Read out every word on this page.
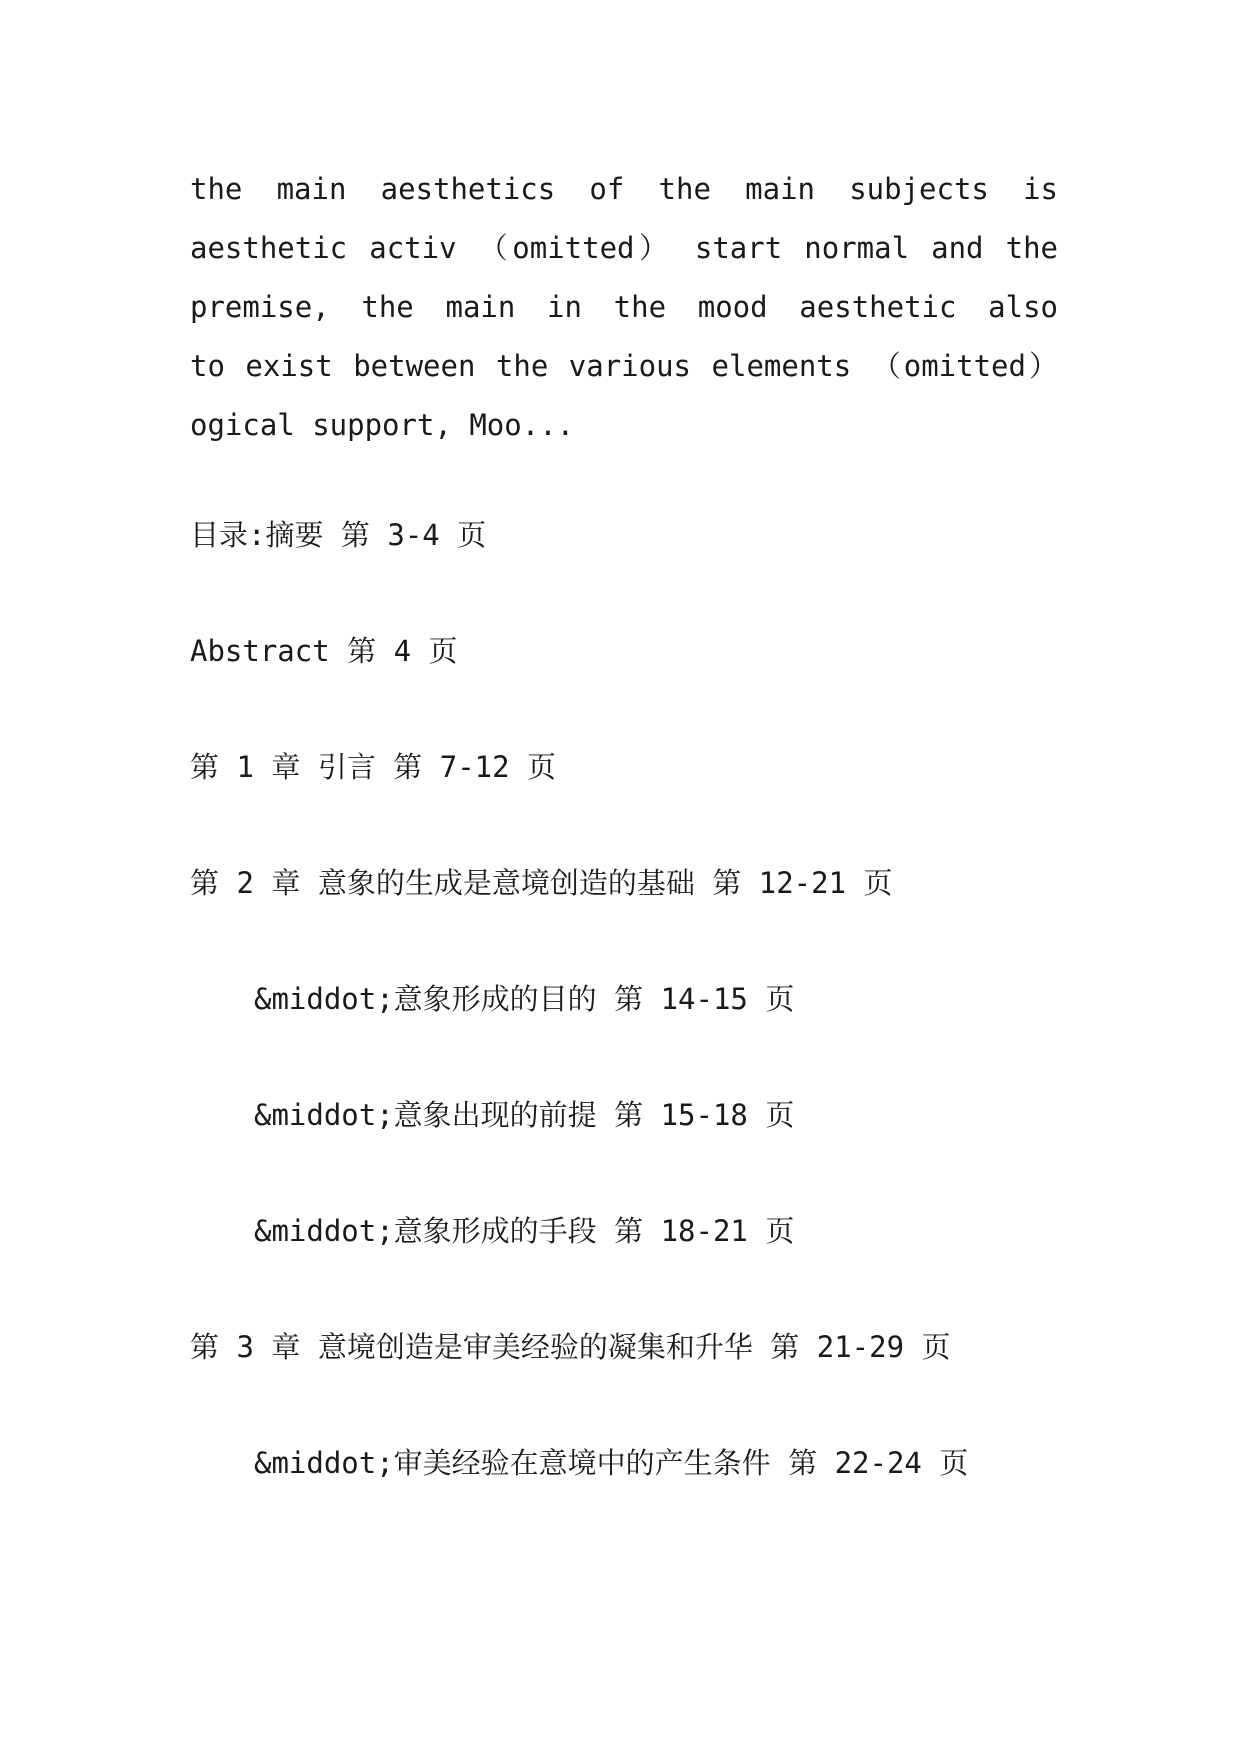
the main aesthetics of the main subjects is
aesthetic activ （omitted） start normal and the
premise, the main in the mood aesthetic also
to exist between the various elements （omitted）
ogical support, Moo...
目录:摘要 第 3-4 页
Abstract 第 4 页
第 1 章 引言 第 7-12 页
第 2 章 意象的生成是意境创造的基础 第 12-21 页
&middot;意象形成的目的 第 14-15 页
&middot;意象出现的前提 第 15-18 页
&middot;意象形成的手段 第 18-21 页
第 3 章 意境创造是审美经验的凝集和升华 第 21-29 页
&middot;审美经验在意境中的产生条件 第 22-24 页
